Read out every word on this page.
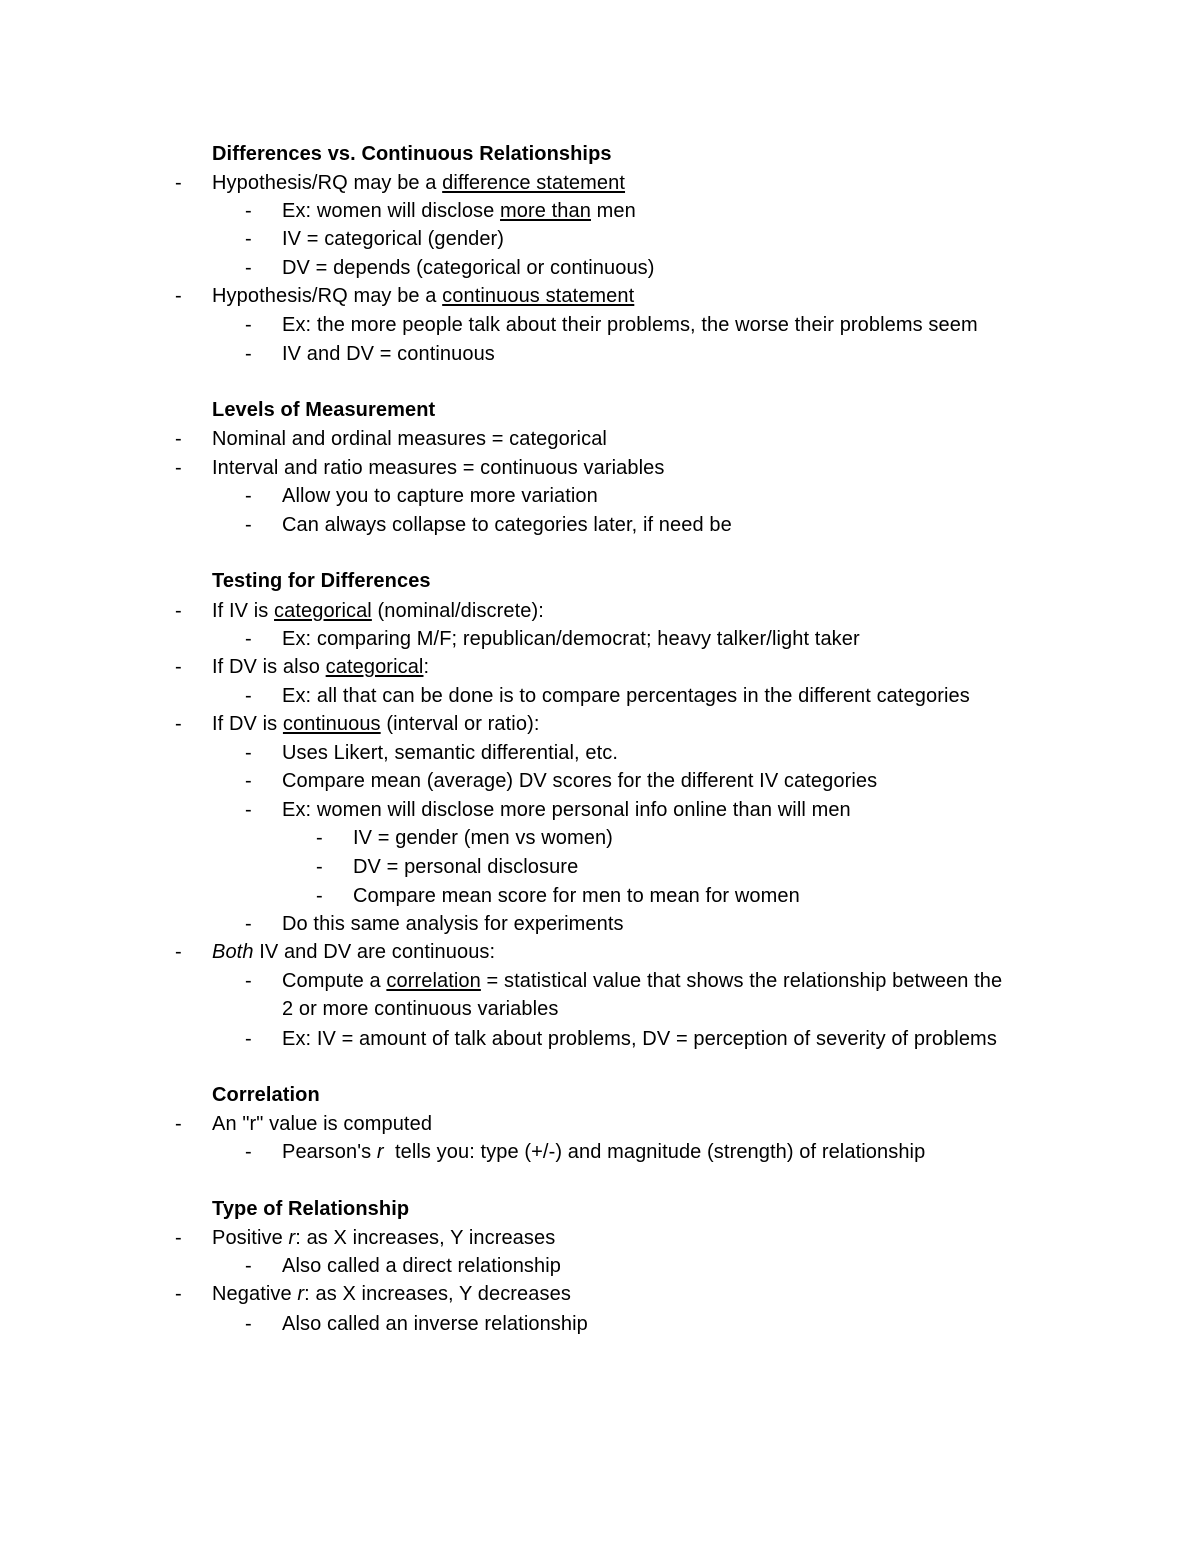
Differences vs. Continuous Relationships
- Hypothesis/RQ may be a difference statement
- Ex: women will disclose more than men
- IV = categorical (gender)
- DV = depends (categorical or continuous)
- Hypothesis/RQ may be a continuous statement
- Ex: the more people talk about their problems, the worse their problems seem
- IV and DV = continuous
Levels of Measurement
- Nominal and ordinal measures = categorical
- Interval and ratio measures = continuous variables
- Allow you to capture more variation
- Can always collapse to categories later, if need be
Testing for Differences
- If IV is categorical (nominal/discrete):
- Ex: comparing M/F; republican/democrat; heavy talker/light taker
- If DV is also categorical:
- Ex: all that can be done is to compare percentages in the different categories
- If DV is continuous (interval or ratio):
- Uses Likert, semantic differential, etc.
- Compare mean (average) DV scores for the different IV categories
- Ex: women will disclose more personal info online than will men
- IV = gender (men vs women)
- DV = personal disclosure
- Compare mean score for men to mean for women
- Do this same analysis for experiments
- Both IV and DV are continuous:
- Compute a correlation = statistical value that shows the relationship between the
2 or more continuous variables
- Ex: IV = amount of talk about problems, DV = perception of severity of problems
Correlation
- An "r" value is computed
- Pearson's r  tells you: type (+/-) and magnitude (strength) of relationship
Type of Relationship
- Positive r: as X increases, Y increases
- Also called a direct relationship
- Negative r: as X increases, Y decreases
- Also called an inverse relationship
